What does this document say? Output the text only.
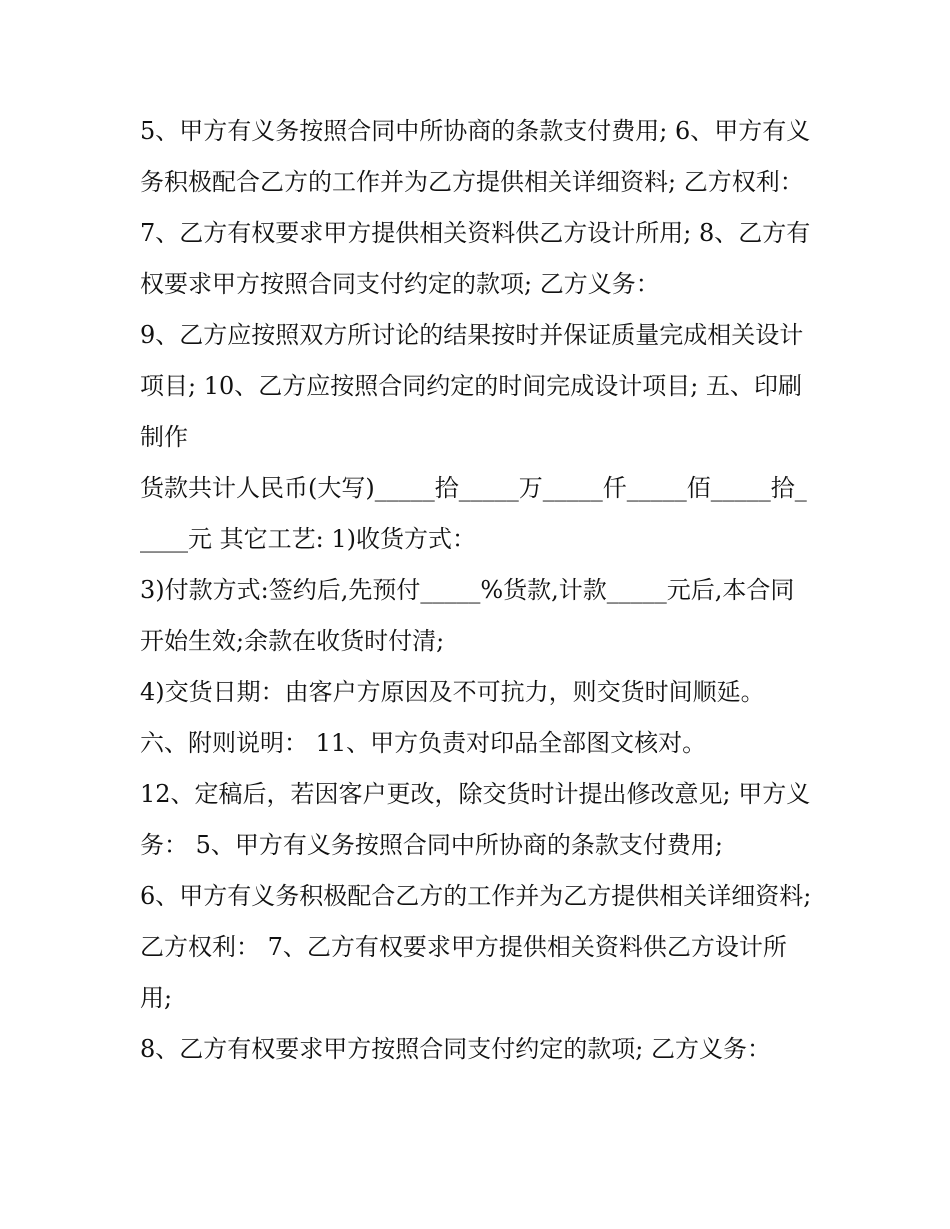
5、甲方有义务按照合同中所协商的条款支付费用; 6、甲方有义务积极配合乙方的工作并为乙方提供相关详细资料; 乙方权利：

7、乙方有权要求甲方提供相关资料供乙方设计所用; 8、乙方有权要求甲方按照合同支付约定的款项; 乙方义务：

9、乙方应按照双方所讨论的结果按时并保证质量完成相关设计项目; 10、乙方应按照合同约定的时间完成设计项目; 五、印刷制作

货款共计人民币(大写)_____拾_____万_____仟_____佰_____拾_____元 其它工艺: 1)收货方式：

3)付款方式:签约后,先预付_____%货款,计款_____元后,本合同开始生效;余款在收货时付清;

4)交货日期：由客户方原因及不可抗力，则交货时间顺延。

六、附则说明： 11、甲方负责对印品全部图文核对。

12、定稿后，若因客户更改，除交货时计提出修改意见; 甲方义务： 5、甲方有义务按照合同中所协商的条款支付费用;

6、甲方有义务积极配合乙方的工作并为乙方提供相关详细资料; 乙方权利： 7、乙方有权要求甲方提供相关资料供乙方设计所用;

8、乙方有权要求甲方按照合同支付约定的款项; 乙方义务：
